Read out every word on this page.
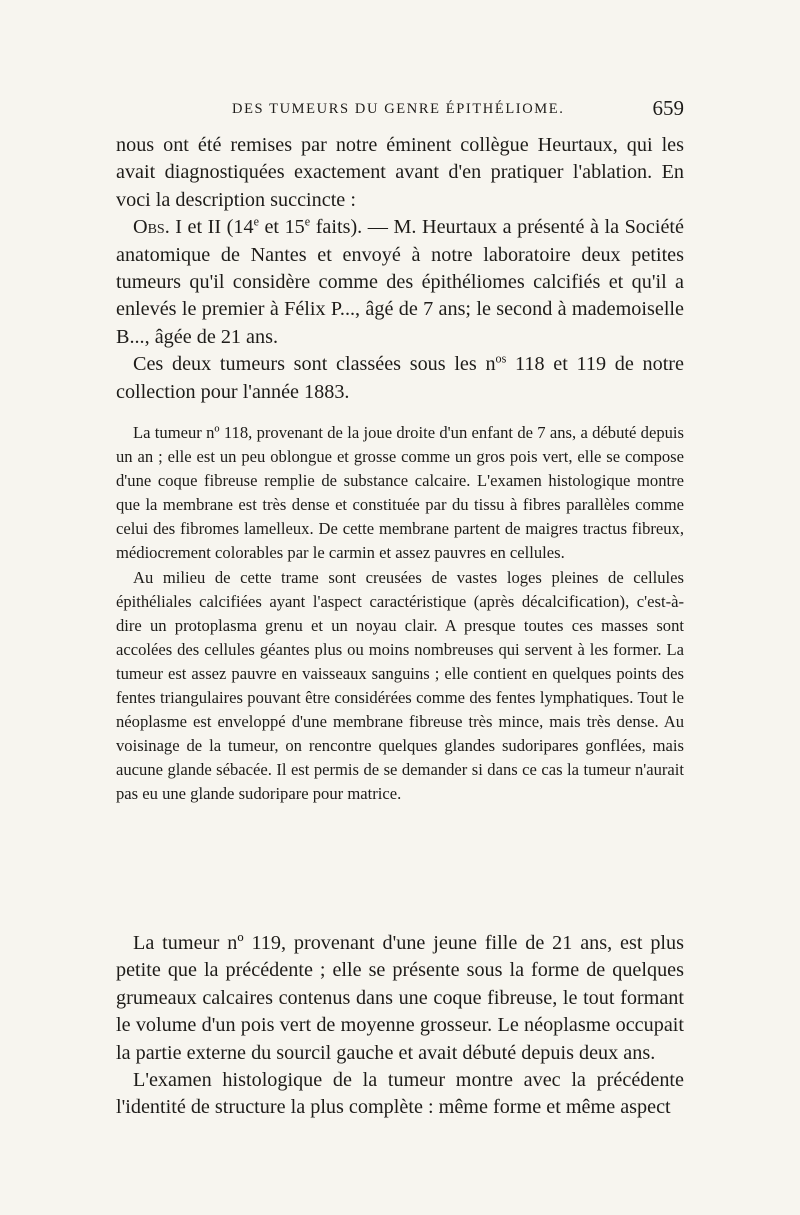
DES TUMEURS DU GENRE ÉPITHÉLIOME.	659

nous ont été remises par notre éminent collègue Heurtaux, qui les avait diagnostiquées exactement avant d'en pratiquer l'ablation. En voci la description succincte :

Obs. I et II (14e et 15e faits). — M. Heurtaux a présenté à la Société anatomique de Nantes et envoyé à notre laboratoire deux petites tumeurs qu'il considère comme des épithéliomes calcifiés et qu'il a enlevés le premier à Félix P..., âgé de 7 ans; le second à mademoiselle B..., âgée de 21 ans.

Ces deux tumeurs sont classées sous les $n^{os}$ 118 et 119 de notre collection pour l'année 1883.

La tumeur nº 118, provenant de la joue droite d'un enfant de 7 ans, a débuté depuis un an ; elle est un peu oblongue et grosse comme un gros pois vert, elle se compose d'une coque fibreuse remplie de substance calcaire. L'examen histologique montre que la membrane est très dense et constituée par du tissu à fibres parallèles comme celui des fibromes lamelleux. De cette membrane partent de maigres tractus fibreux, médiocrement colorables par le carmin et assez pauvres en cellules.

Au milieu de cette trame sont creusées de vastes loges pleines de cellules épithéliales calcifiées ayant l'aspect caractéristique (après décalcification), c'est-à-dire un protoplasma grenu et un noyau clair. A presque toutes ces masses sont accolées des cellules géantes plus ou moins nombreuses qui servent à les former. La tumeur est assez pauvre en vaisseaux sanguins ; elle contient en quelques points des fentes triangulaires pouvant être considérées comme des fentes lymphatiques. Tout le néoplasme est enveloppé d'une membrane fibreuse très mince, mais très dense. Au voisinage de la tumeur, on rencontre quelques glandes sudoripares gonflées, mais aucune glande sébacée. Il est permis de se demander si dans ce cas la tumeur n'aurait pas eu une glande sudoripare pour matrice.

La tumeur nº 119, provenant d'une jeune fille de 21 ans, est plus petite que la précédente ; elle se présente sous la forme de quelques grumeaux calcaires contenus dans une coque fibreuse, le tout formant le volume d'un pois vert de moyenne grosseur. Le néoplasme occupait la partie externe du sourcil gauche et avait débuté depuis deux ans.

L'examen histologique de la tumeur montre avec la précédente l'identité de structure la plus complète : même forme et même aspect
